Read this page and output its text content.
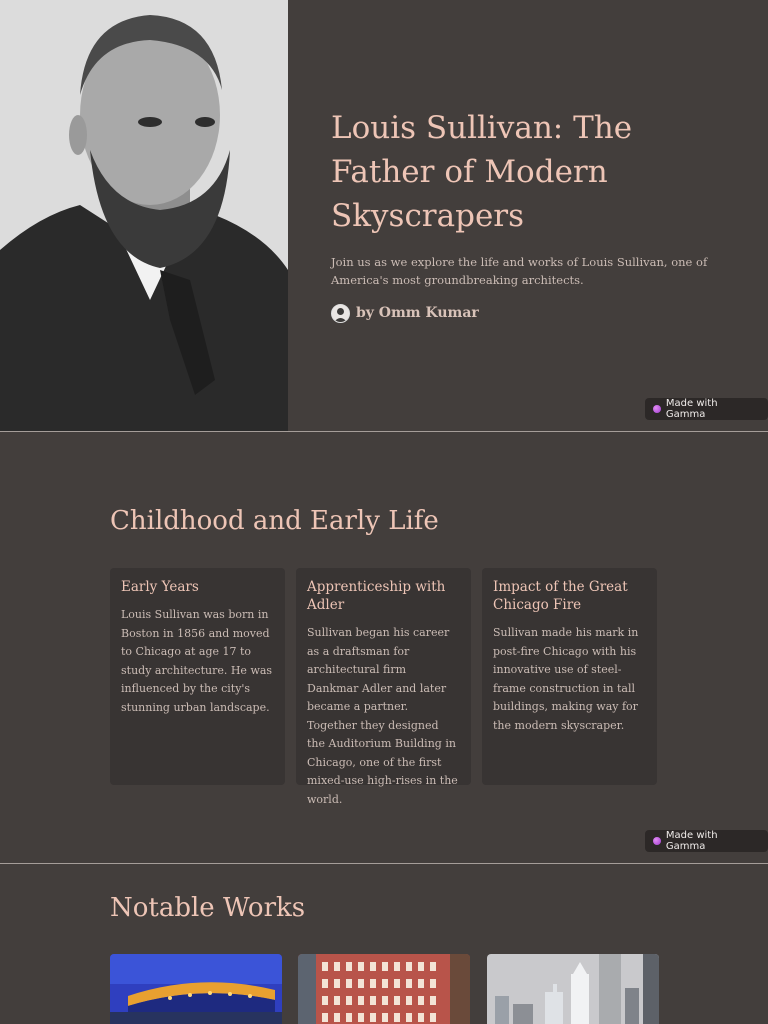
Louis Sullivan: The Father of Modern Skyscrapers

Join us as we explore the life and works of Louis Sullivan, one of America's most groundbreaking architects.

by Omm Kumar
Made with Gamma
Childhood and Early Life
Early Years
Louis Sullivan was born in Boston in 1856 and moved to Chicago at age 17 to study architecture. He was influenced by the city's stunning urban landscape.
Apprenticeship with Adler
Sullivan began his career as a draftsman for architectural firm Dankmar Adler and later became a partner. Together they designed the Auditorium Building in Chicago, one of the first mixed-use high-rises in the world.
Impact of the Great Chicago Fire
Sullivan made his mark in post-fire Chicago with his innovative use of steel-frame construction in tall buildings, making way for the modern skyscraper.
Made with Gamma
Notable Works
